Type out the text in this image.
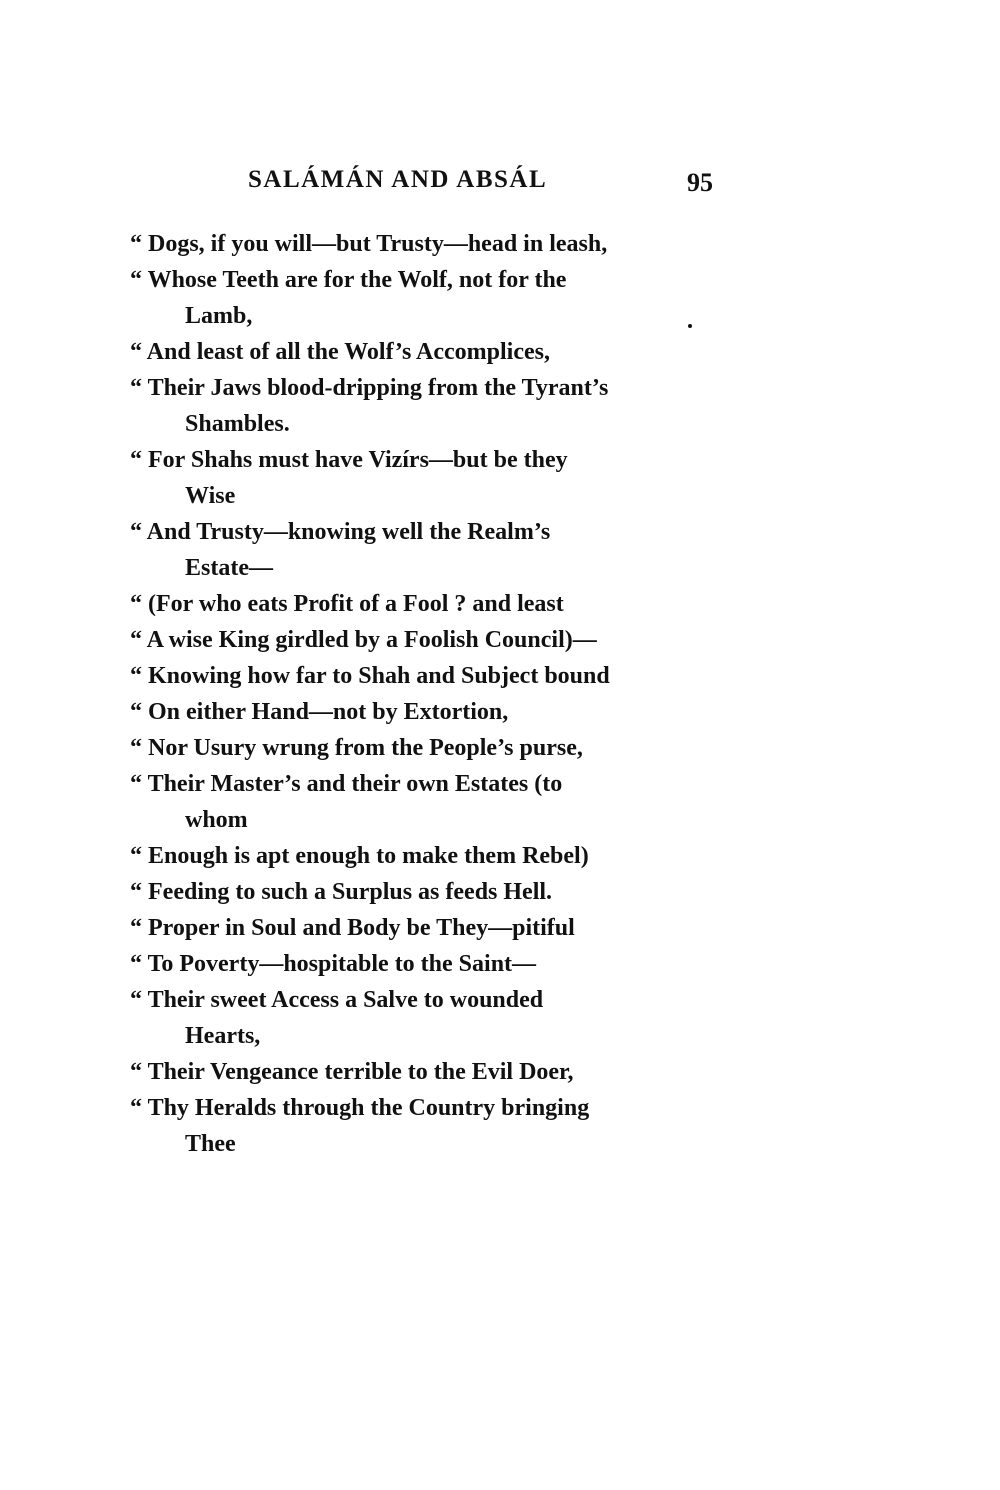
SALÁMÁN AND ABSÁL	95
“ Dogs, if you will—but Trusty—head in leash,
“ Whose Teeth are for the Wolf, not for the
Lamb,
“ And least of all the Wolf’s Accomplices,
“ Their Jaws blood-dripping from the Tyrant’s
Shambles.
“ For Shahs must have Vizírs—but be they
Wise
“ And Trusty—knowing well the Realm’s
Estate—
“ (For who eats Profit of a Fool ? and least
“ A wise King girdled by a Foolish Council)—
“ Knowing how far to Shah and Subject bound
“ On either Hand—not by Extortion,
“ Nor Usury wrung from the People’s purse,
“ Their Master’s and their own Estates (to
whom
“ Enough is apt enough to make them Rebel)
“ Feeding to such a Surplus as feeds Hell.
“ Proper in Soul and Body be They—pitiful
“ To Poverty—hospitable to the Saint—
“ Their sweet Access a Salve to wounded
Hearts,
“ Their Vengeance terrible to the Evil Doer,
“ Thy Heralds through the Country bringing
Thee
